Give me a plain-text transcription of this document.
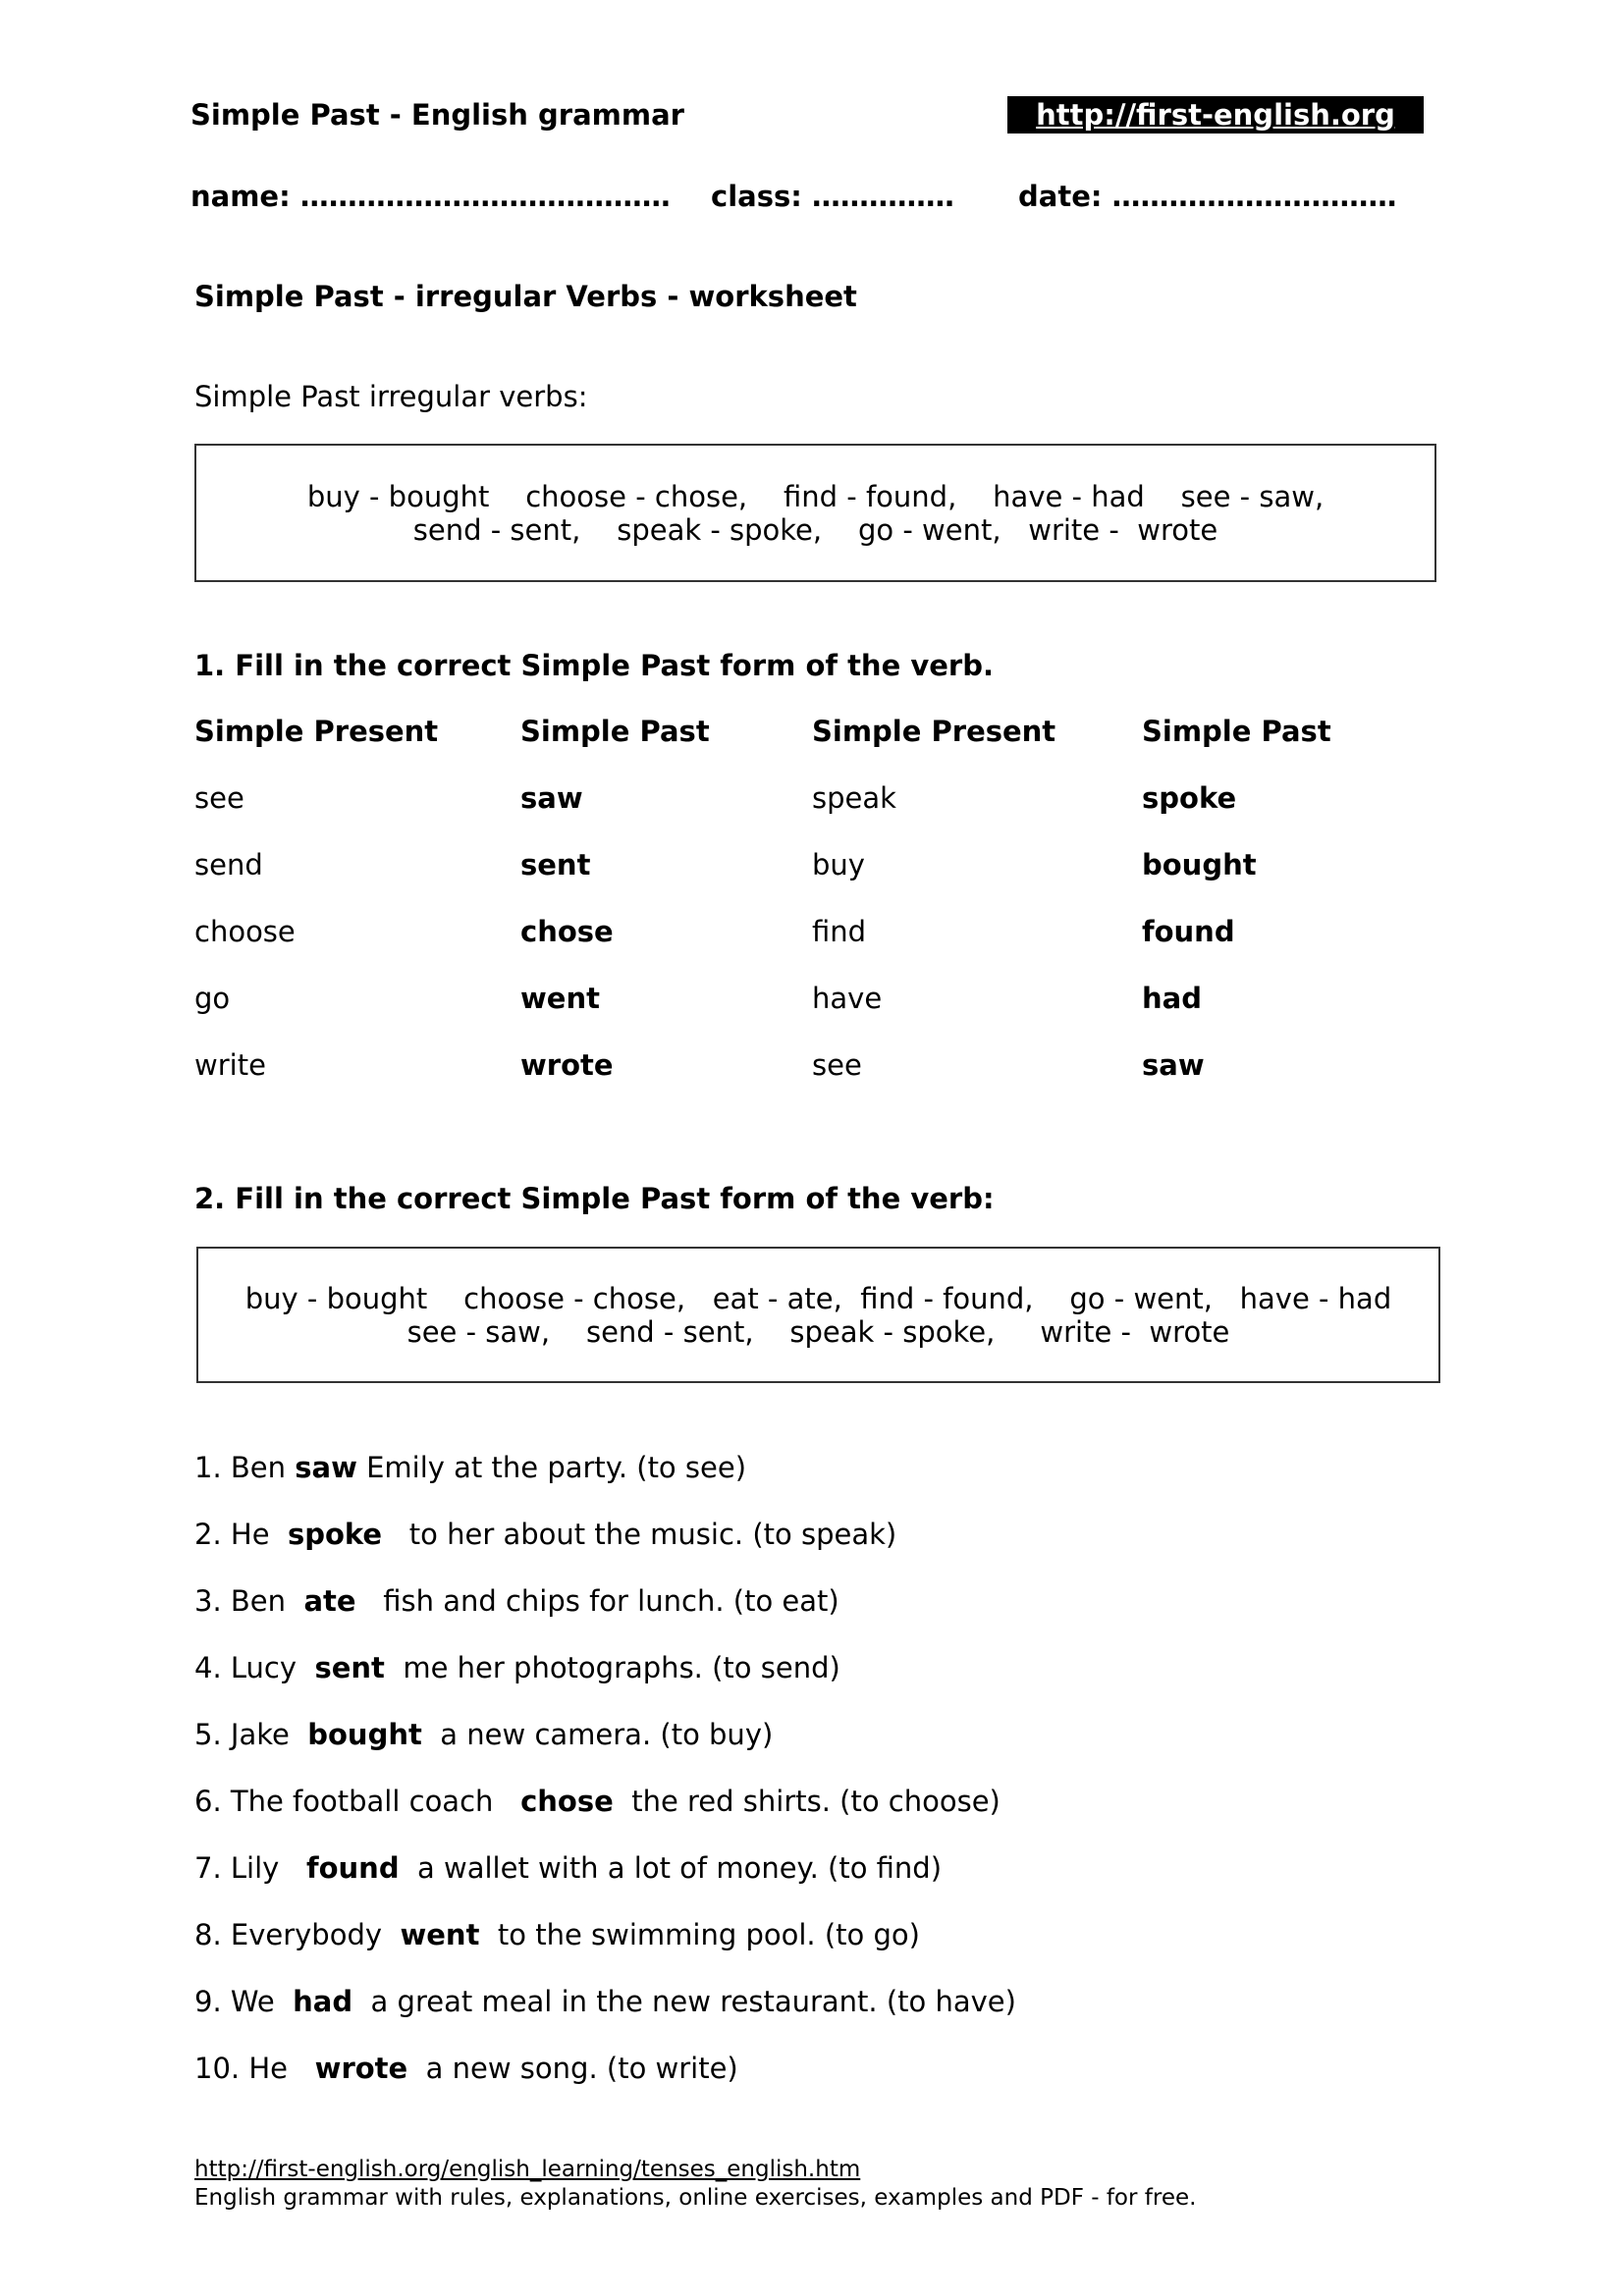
Simple Past - English grammar	http://first-english.org
name: ………………………………… class: …………… date: …………………………
Simple Past - irregular Verbs - worksheet
Simple Past irregular verbs:
buy - bought    choose - chose,    find - found,    have - had    see - saw,
send - sent,    speak - spoke,    go - went,   write -  wrote
1. Fill in the correct Simple Past form of the verb.
Simple Present	Simple Past	Simple Present	Simple Past
see	saw	speak	spoke
send	sent	buy	bought
choose	chose	find	found
go	went	have	had
write	wrote	see	saw
2. Fill in the correct Simple Past form of the verb:
buy - bought    choose - chose,   eat - ate,  find - found,    go - went,   have - had
see - saw,    send - sent,    speak - spoke,     write -  wrote
1. Ben saw Emily at the party. (to see)
2. He  spoke   to her about the music. (to speak)
3. Ben  ate   fish and chips for lunch. (to eat)
4. Lucy  sent  me her photographs. (to send)
5. Jake  bought  a new camera. (to buy)
6. The football coach   chose  the red shirts. (to choose)
7. Lily   found  a wallet with a lot of money. (to find)
8. Everybody  went  to the swimming pool. (to go)
9. We  had  a great meal in the new restaurant. (to have)
10. He   wrote  a new song. (to write)
http://first-english.org/english_learning/tenses_english.htm
English grammar with rules, explanations, online exercises, examples and PDF - for free.
